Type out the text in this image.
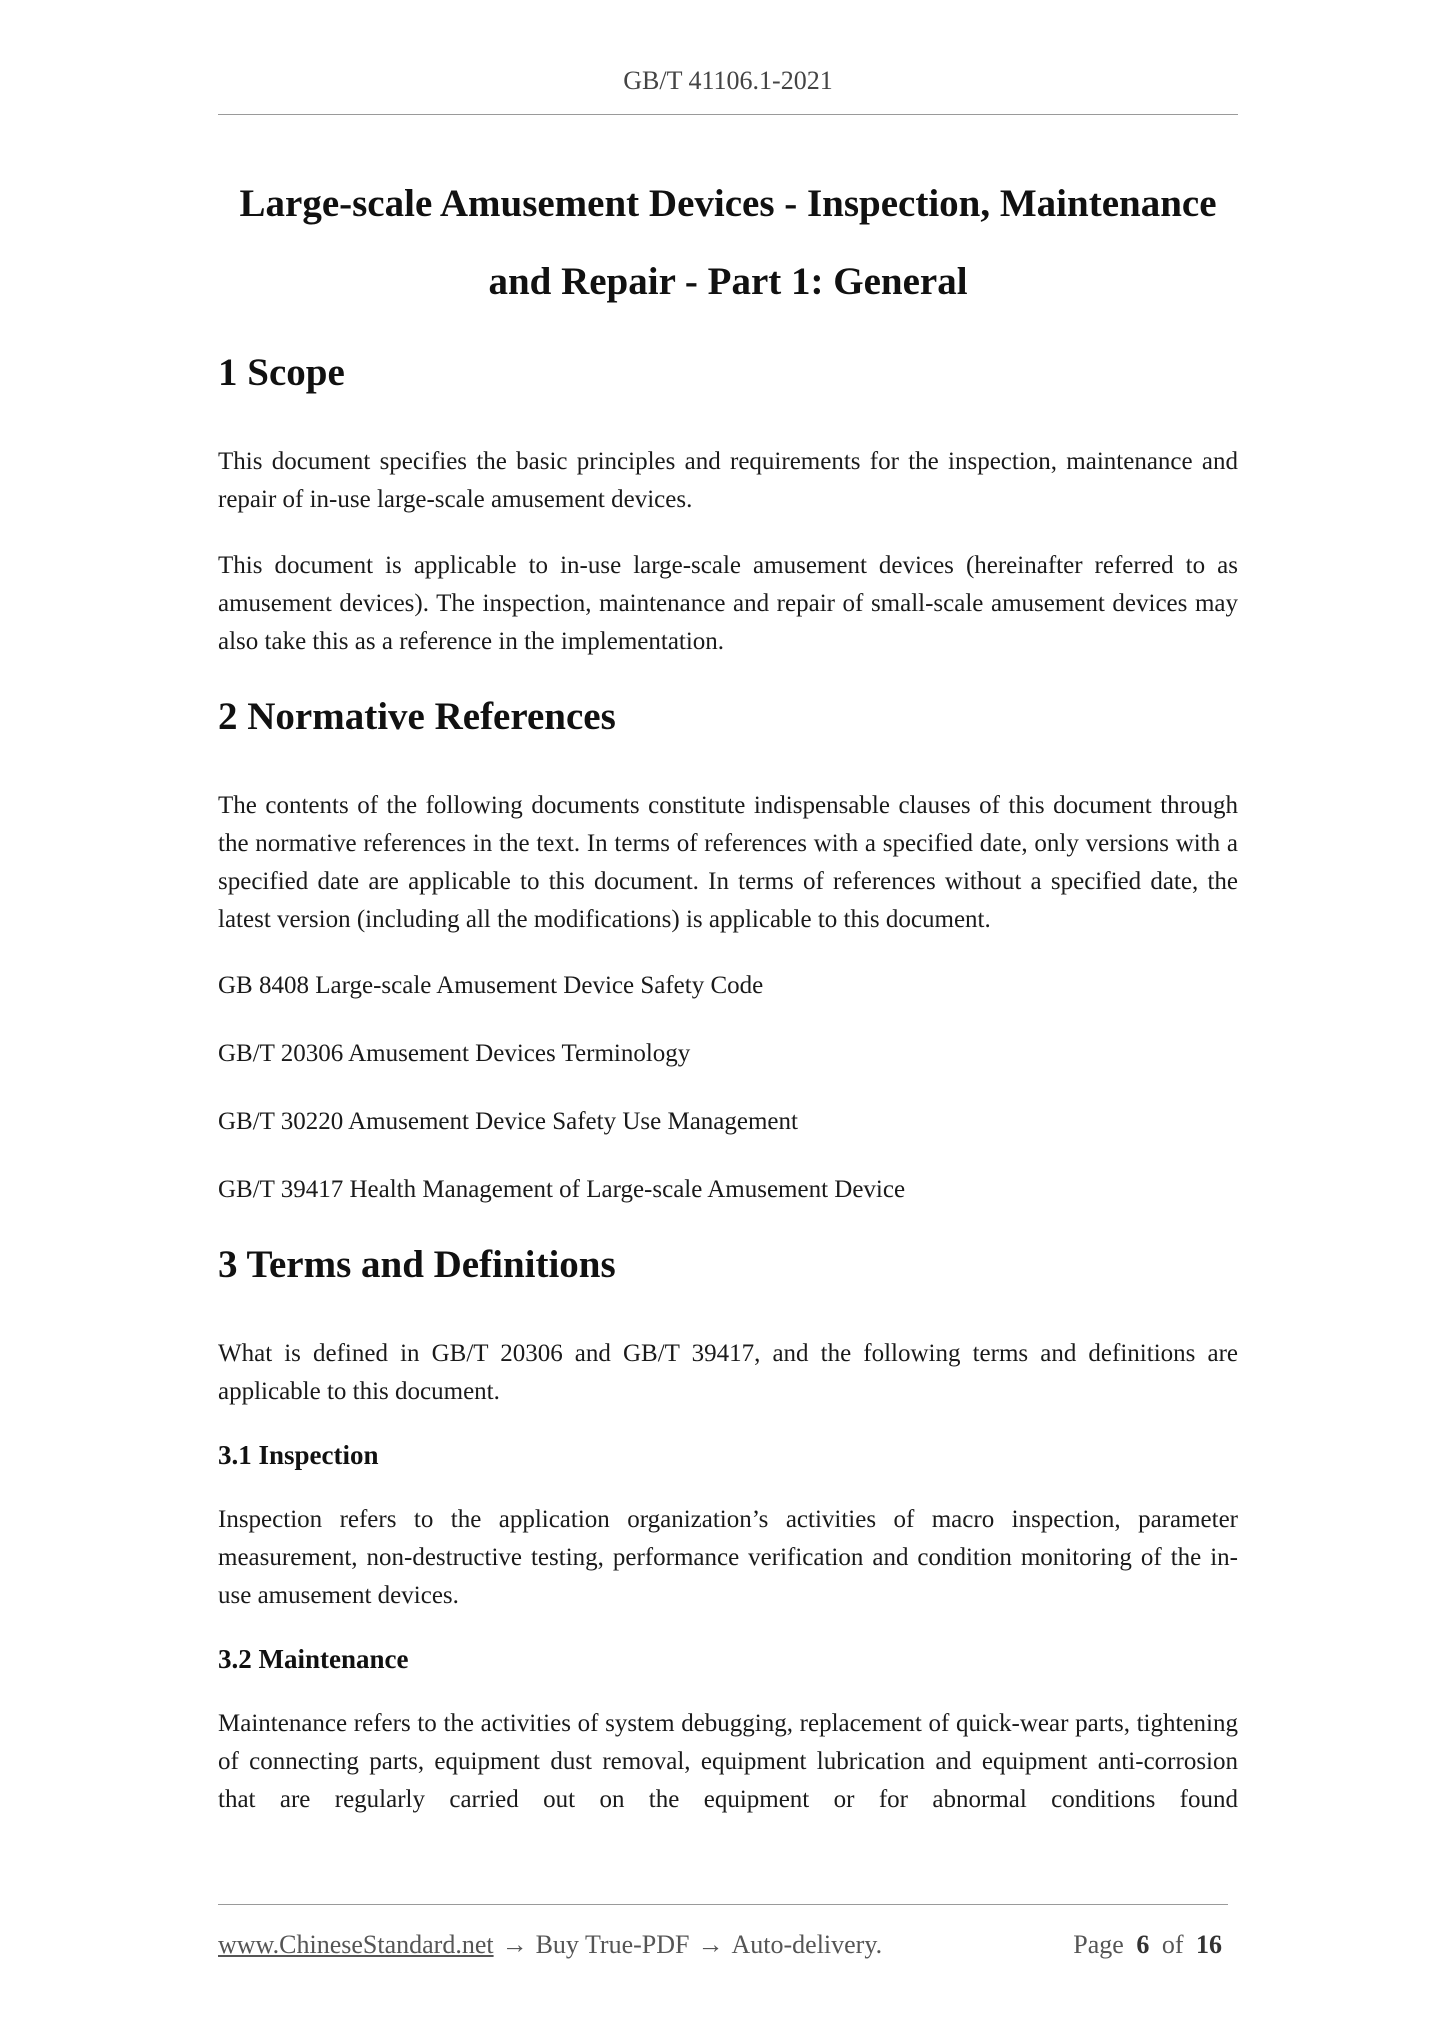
GB/T 41106.1-2021
Large-scale Amusement Devices - Inspection, Maintenance
and Repair - Part 1: General
1 Scope

This document specifies the basic principles and requirements for the inspection, maintenance and repair of in-use large-scale amusement devices.

This document is applicable to in-use large-scale amusement devices (hereinafter referred to as amusement devices). The inspection, maintenance and repair of small-scale amusement devices may also take this as a reference in the implementation.

2 Normative References

The contents of the following documents constitute indispensable clauses of this document through the normative references in the text. In terms of references with a specified date, only versions with a specified date are applicable to this document. In terms of references without a specified date, the latest version (including all the modifications) is applicable to this document.

GB 8408 Large-scale Amusement Device Safety Code
GB/T 20306 Amusement Devices Terminology
GB/T 30220 Amusement Device Safety Use Management
GB/T 39417 Health Management of Large-scale Amusement Device
3 Terms and Definitions

What is defined in GB/T 20306 and GB/T 39417, and the following terms and definitions are applicable to this document.

3.1 Inspection

Inspection refers to the application organization’s activities of macro inspection, parameter measurement, non-destructive testing, performance verification and condition monitoring of the in-use amusement devices.

3.2 Maintenance

Maintenance refers to the activities of system debugging, replacement of quick-wear parts, tightening of connecting parts, equipment dust removal, equipment lubrication and equipment anti-corrosion that are regularly carried out on the equipment or for abnormal conditions found

www.ChineseStandard.net → Buy True-PDF → Auto-delivery.	Page 6 of 16
